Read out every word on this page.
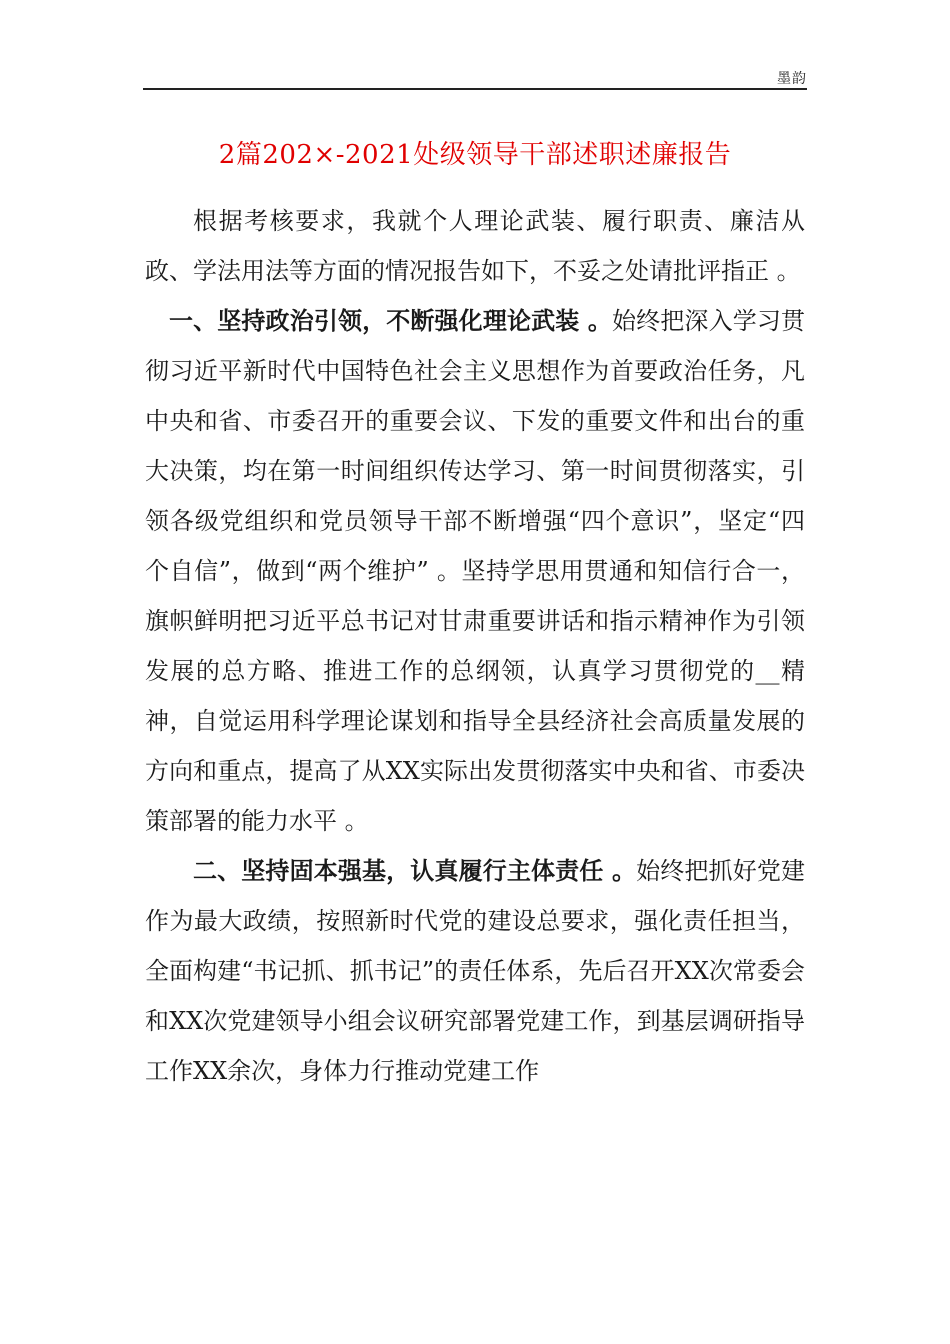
墨韵
2篇202×-2021处级领导干部述职述廉报告

根据考核要求，我就个人理论武装、履行职责、廉洁从政、学法用法等方面的情况报告如下，不妥之处请批评指正 。

一、坚持政治引领，不断强化理论武装 。始终把深入学习贯彻习近平新时代中国特色社会主义思想作为首要政治任务，凡中央和省、市委召开的重要会议、下发的重要文件和出台的重大决策，均在第一时间组织传达学习、第一时间贯彻落实，引领各级党组织和党员领导干部不断增强“四个意识”，坚定“四个自信”，做到“两个维护” 。坚持学思用贯通和知信行合一，旗帜鲜明把习近平总书记对甘肃重要讲话和指示精神作为引领发展的总方略、推进工作的总纲领，认真学习贯彻党的__精神，自觉运用科学理论谋划和指导全县经济社会高质量发展的方向和重点，提高了从XX实际出发贯彻落实中央和省、市委决策部署的能力水平 。

二、坚持固本强基，认真履行主体责任 。始终把抓好党建作为最大政绩，按照新时代党的建设总要求，强化责任担当，全面构建“书记抓、抓书记”的责任体系，先后召开XX次常委会和XX次党建领导小组会议研究部署党建工作，到基层调研指导工作XX余次，身体力行推动党建工作
